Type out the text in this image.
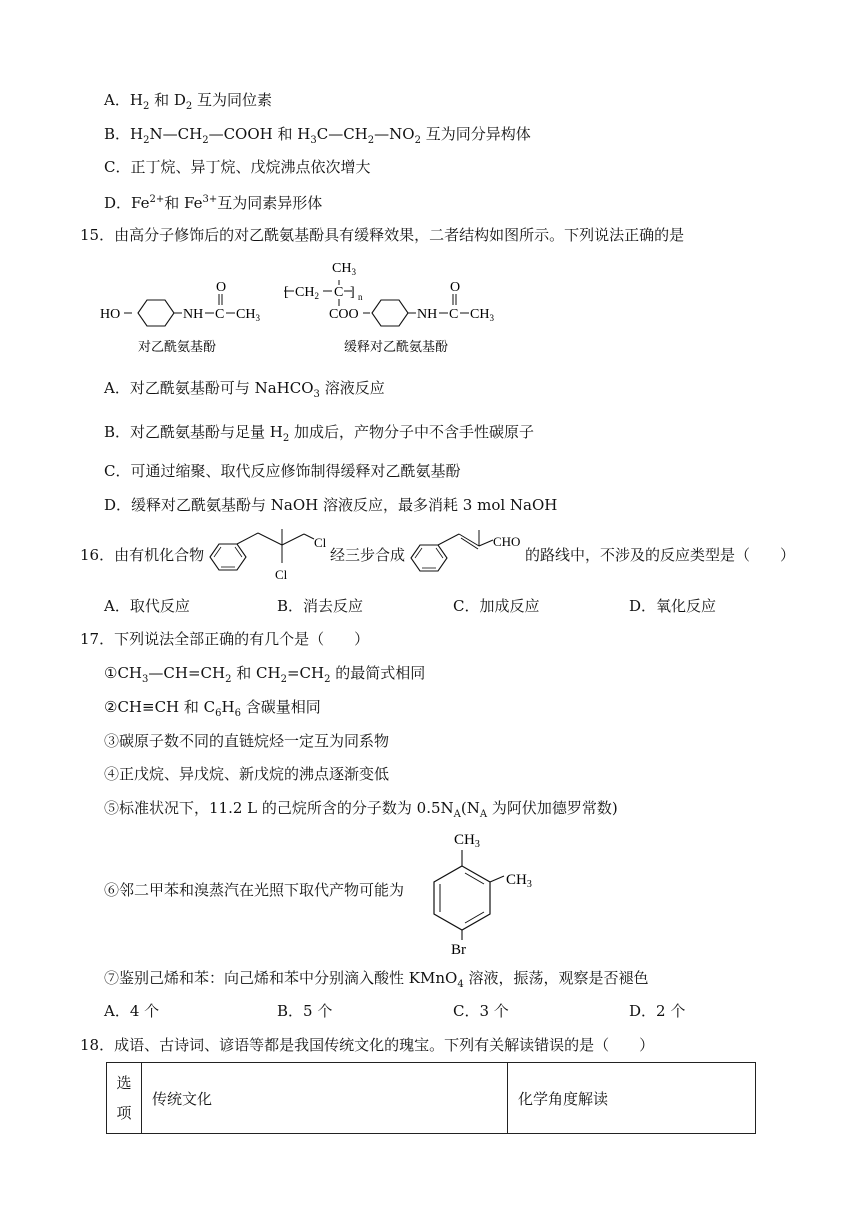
A．$H_2$ 和 $D_2$ 互为同位素
B．$H_2N—CH_2—COOH$ 和 $H_3C—CH_2—NO_2$ 互为同分异构体
C．正丁烷、异丁烷、戊烷沸点依次增大
D．$Fe^{2+}$和 $Fe^{3+}$互为同素异形体
15．由高分子修饰后的对乙酰氨基酚具有缓释效果，二者结构如图所示。下列说法正确的是
HO	NH C
O
$CH_3$
对乙酰氨基酚
[ $CH_2$ C ] n
$CH_3$
COO	NH C
O
$CH_3$
缓释对乙酰氨基酚
A．对乙酰氨基酚可与 NaHCO$_3$ 溶液反应
B．对乙酰氨基酚与足量 $H_2$ 加成后，产物分子中不含手性碳原子
C．可通过缩聚、取代反应修饰制得缓释对乙酰氨基酚
D．缓释对乙酰氨基酚与 NaOH 溶液反应，最多消耗 3 mol NaOH
16．由有机化合物
Cl
Cl
经三步合成
CHO
的路线中，不涉及的反应类型是（　　）
A．取代反应	B．消去反应	C．加成反应	D．氧化反应
17．下列说法全部正确的有几个是（　　）
$①CH_3—CH=CH_2$ 和 $CH_2=CH_2$ 的最简式相同
②CH≡CH 和 $C_6H_6$ 含碳量相同
③碳原子数不同的直链烷烃一定互为同系物
④正戊烷、异戊烷、新戊烷的沸点逐渐变低
⑤标准状况下，11.2 L 的己烷所含的分子数为 $0.5N_A(N_A$ 为阿伏加德罗常数)
⑥邻二甲苯和溴蒸汽在光照下取代产物可能为
$CH_3$
$CH_3$
Br
⑦鉴别己烯和苯：向己烯和苯中分别滴入酸性 KMnO$_4$ 溶液，振荡，观察是否褪色
A．4 个	B．5 个	C．3 个	D．2 个
18．成语、古诗词、谚语等都是我国传统文化的瑰宝。下列有关解读错误的是（　　）
选
项	传统文化	化学角度解读
